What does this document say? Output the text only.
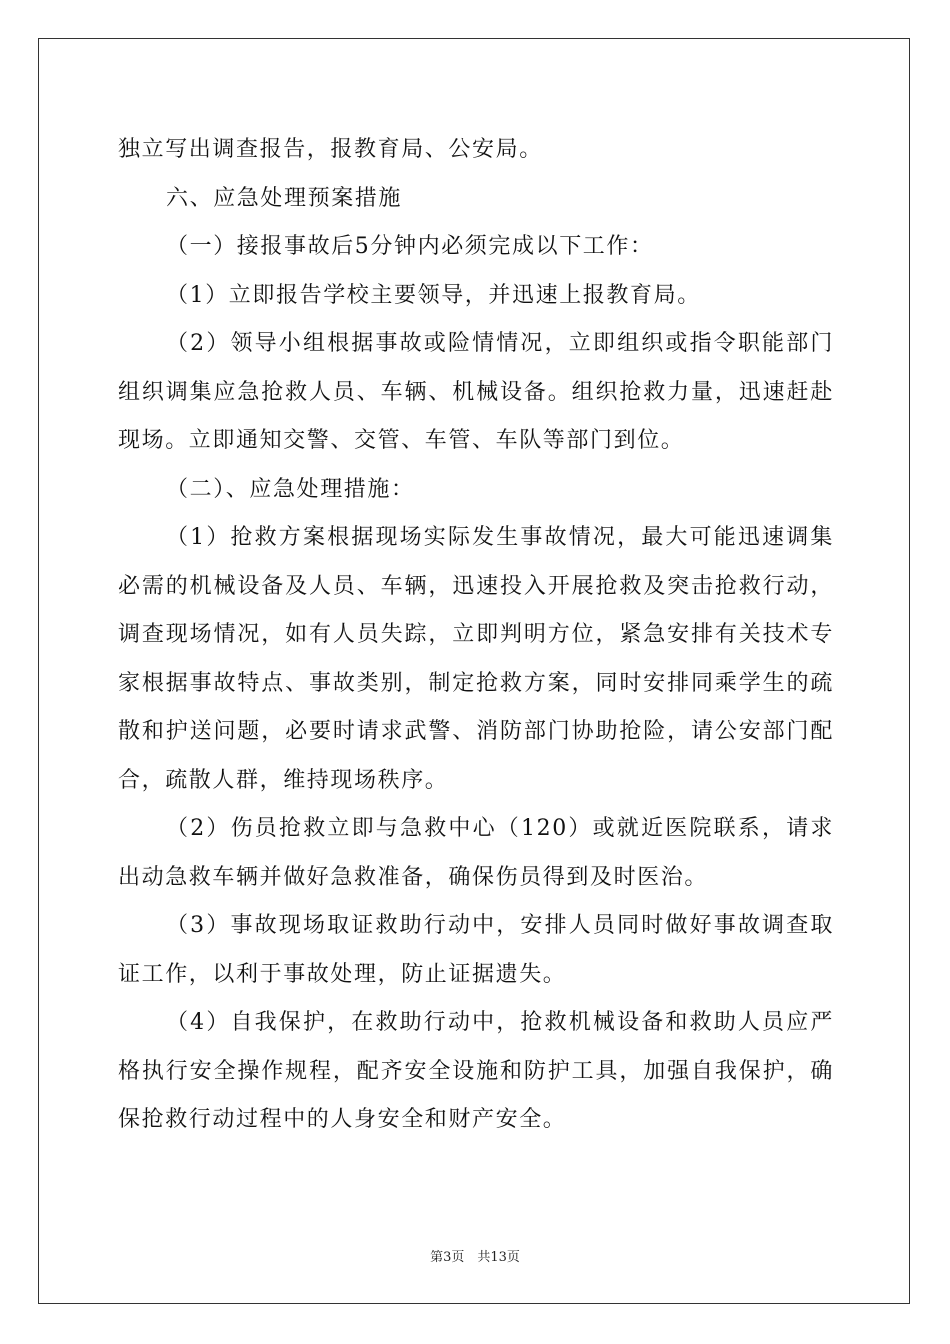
独立写出调查报告，报教育局、公安局。

六、应急处理预案措施

（一）接报事故后5分钟内必须完成以下工作：

（1）立即报告学校主要领导，并迅速上报教育局。

（2）领导小组根据事故或险情情况，立即组织或指令职能部门组织调集应急抢救人员、车辆、机械设备。组织抢救力量，迅速赶赴现场。立即通知交警、交管、车管、车队等部门到位。

（二）、应急处理措施：

（1）抢救方案根据现场实际发生事故情况，最大可能迅速调集必需的机械设备及人员、车辆，迅速投入开展抢救及突击抢救行动，调查现场情况，如有人员失踪，立即判明方位，紧急安排有关技术专家根据事故特点、事故类别，制定抢救方案，同时安排同乘学生的疏散和护送问题，必要时请求武警、消防部门协助抢险，请公安部门配合，疏散人群，维持现场秩序。

（2）伤员抢救立即与急救中心（120）或就近医院联系，请求出动急救车辆并做好急救准备，确保伤员得到及时医治。

（3）事故现场取证救助行动中，安排人员同时做好事故调查取证工作，以利于事故处理，防止证据遗失。

（4）自我保护，在救助行动中，抢救机械设备和救助人员应严格执行安全操作规程，配齐安全设施和防护工具，加强自我保护，确保抢救行动过程中的人身安全和财产安全。

第3页　共13页
